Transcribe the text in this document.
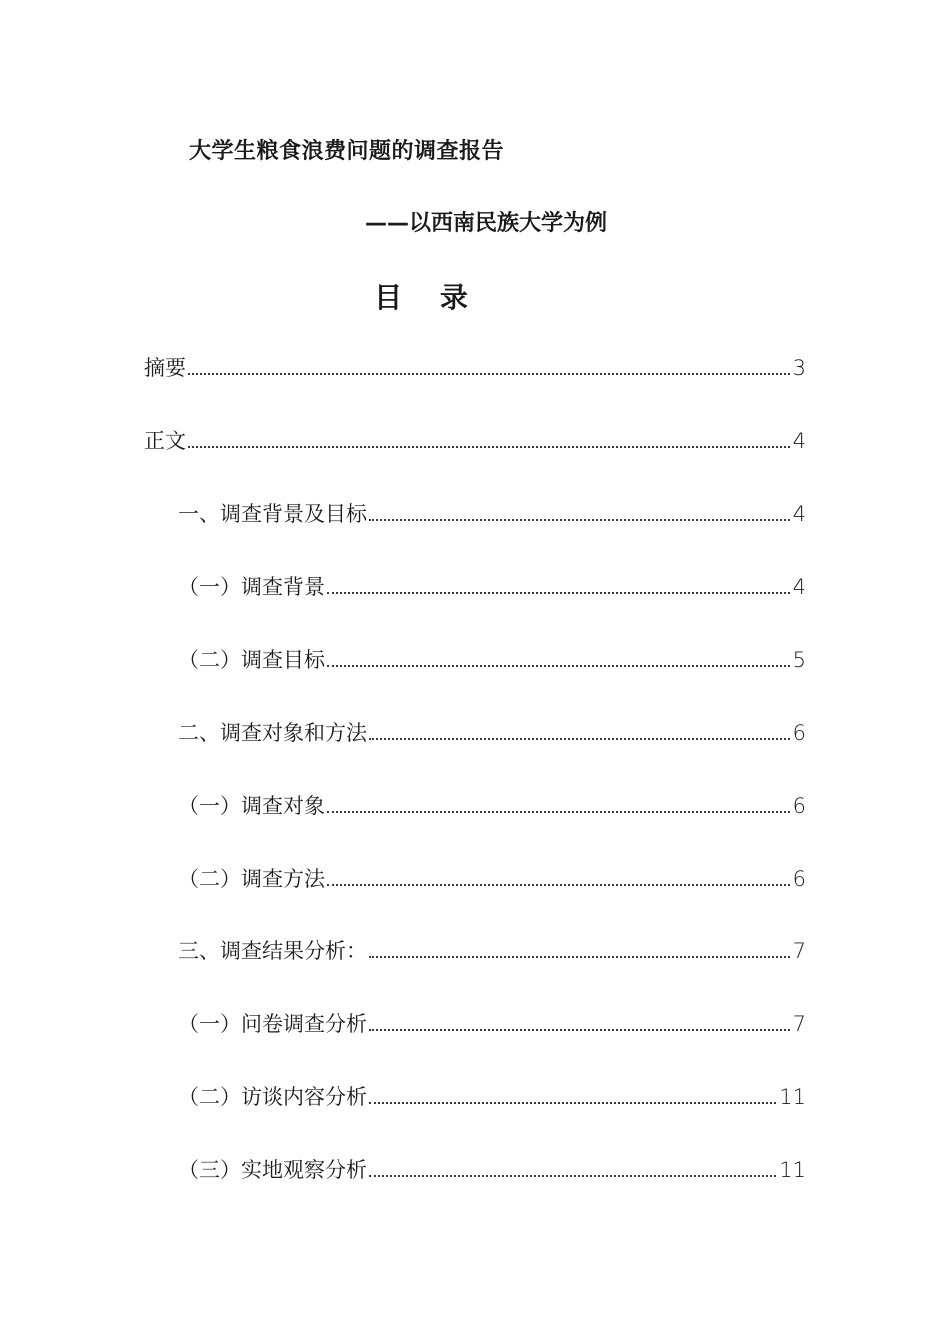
大学生粮食浪费问题的调查报告
——以西南民族大学为例
目 录
摘要	3
正文	4
一、调查背景及目标	4
（一）调查背景	4
（二）调查目标	5
二、调查对象和方法	6
（一）调查对象	6
（二）调查方法	6
三、调查结果分析：	7
（一）问卷调查分析	7
（二）访谈内容分析	11
（三）实地观察分析	11
